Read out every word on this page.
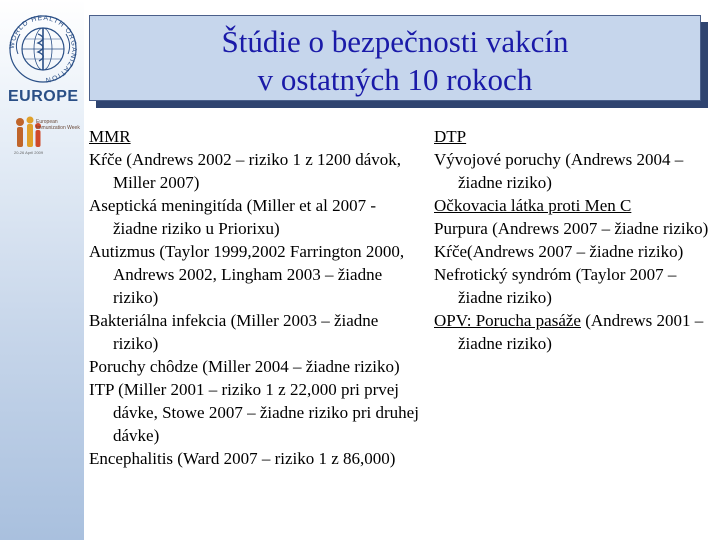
WORLD HEALTH ORGANIZATION
EUROPE
European Immunization Week
20-26 April 2009
Štúdie o bezpečnosti vakcín
v ostatných 10 rokoch

MMR

Kŕče (Andrews 2002 – riziko 1 z 1200 dávok, Miller 2007)

Aseptická meningitída (Miller et al 2007 - žiadne riziko u Priorixu)

Autizmus (Taylor 1999,2002 Farrington 2000, Andrews 2002, Lingham 2003 – žiadne riziko)

Bakteriálna infekcia (Miller 2003 – žiadne riziko)

Poruchy chôdze (Miller 2004 – žiadne riziko)

ITP (Miller 2001 – riziko 1 z 22,000 pri prvej dávke, Stowe 2007 – žiadne riziko pri druhej dávke)

Encephalitis (Ward 2007 – riziko 1 z 86,000)

DTP

Vývojové poruchy (Andrews 2004 – žiadne riziko)

Očkovacia látka proti Men C

Purpura (Andrews 2007 – žiadne riziko)

Kŕče(Andrews 2007 – žiadne riziko)

Nefrotický syndróm (Taylor 2007 – žiadne riziko)

OPV: Porucha pasáže (Andrews 2001 – žiadne riziko)
